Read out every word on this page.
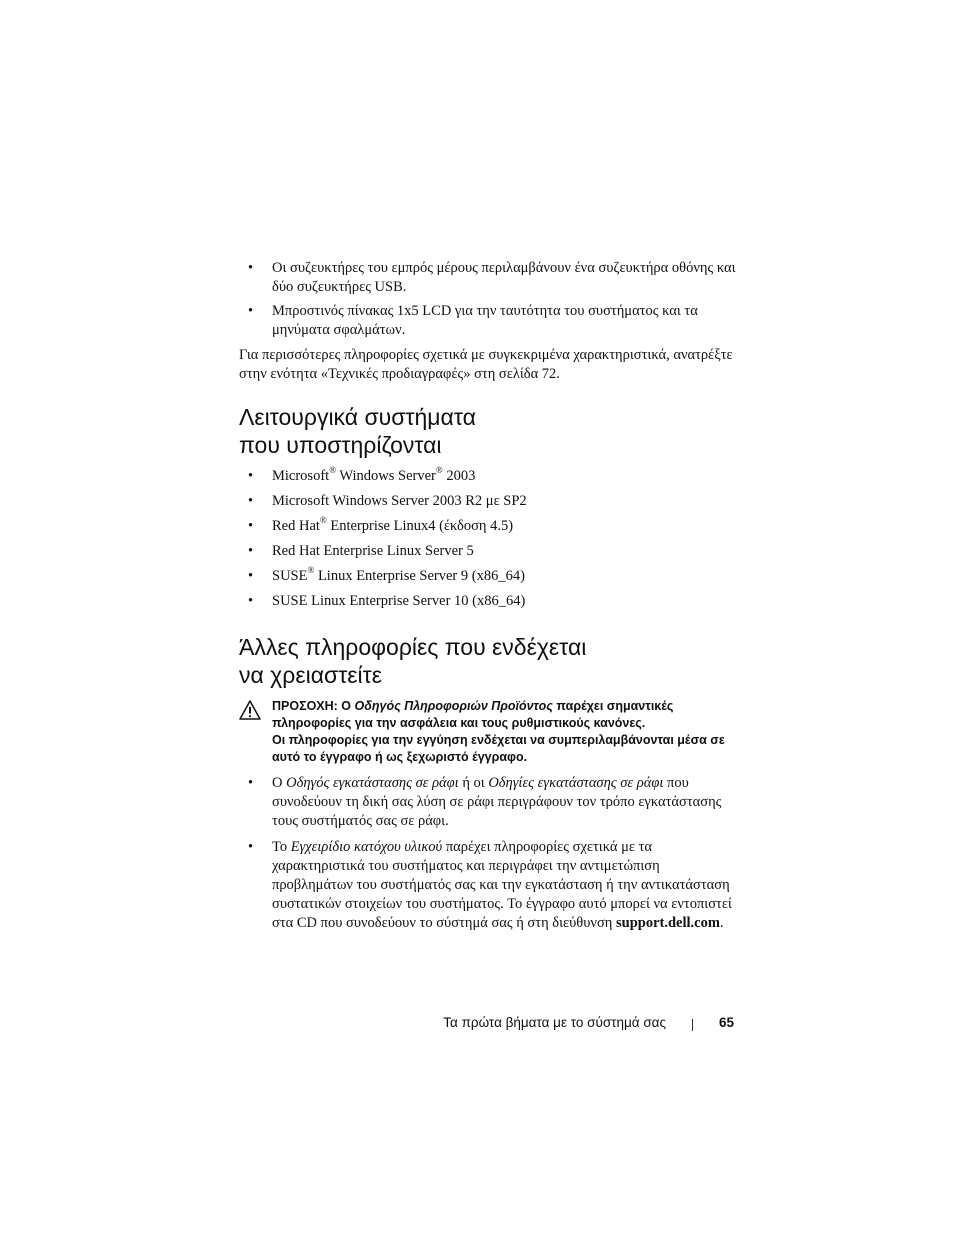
• Οι συζευκτήρες του εμπρός μέρους περιλαμβάνουν ένα συζευκτήρα οθόνης και δύο συζευκτήρες USB.
• Μπροστινός πίνακας 1x5 LCD για την ταυτότητα του συστήματος και τα μηνύματα σφαλμάτων.
Για περισσότερες πληροφορίες σχετικά με συγκεκριμένα χαρακτηριστικά, ανατρέξτε στην ενότητα «Τεχνικές προδιαγραφές» στη σελίδα 72.
Λειτουργικά συστήματα
που υποστηρίζονται
• Microsoft® Windows Server® 2003
• Microsoft Windows Server 2003 R2 με SP2
• Red Hat® Enterprise Linux4 (έκδοση 4.5)
• Red Hat Enterprise Linux Server 5
• SUSE® Linux Enterprise Server 9 (x86_64)
• SUSE Linux Enterprise Server 10 (x86_64)
Άλλες πληροφορίες που ενδέχεται
να χρειαστείτε
ΠΡΟΣΟΧΗ: Ο Οδηγός Πληροφοριών Προϊόντος παρέχει σημαντικές πληροφορίες για την ασφάλεια και τους ρυθμιστικούς κανόνες.
Οι πληροφορίες για την εγγύηση ενδέχεται να συμπεριλαμβάνονται μέσα σε αυτό το έγγραφο ή ως ξεχωριστό έγγραφο.
• Ο Οδηγός εγκατάστασης σε ράφι ή οι Οδηγίες εγκατάστασης σε ράφι που συνοδεύουν τη δική σας λύση σε ράφι περιγράφουν τον τρόπο εγκατάστασης τους συστήματός σας σε ράφι.
• Το Εγχειρίδιο κατόχου υλικού παρέχει πληροφορίες σχετικά με τα χαρακτηριστικά του συστήματος και περιγράφει την αντιμετώπιση προβλημάτων του συστήματός σας και την εγκατάσταση ή την αντικατάσταση συστατικών στοιχείων του συστήματος. Το έγγραφο αυτό μπορεί να εντοπιστεί στα CD που συνοδεύουν το σύστημά σας ή στη διεύθυνση support.dell.com.
Τα πρώτα βήματα με το σύστημά σας	65
